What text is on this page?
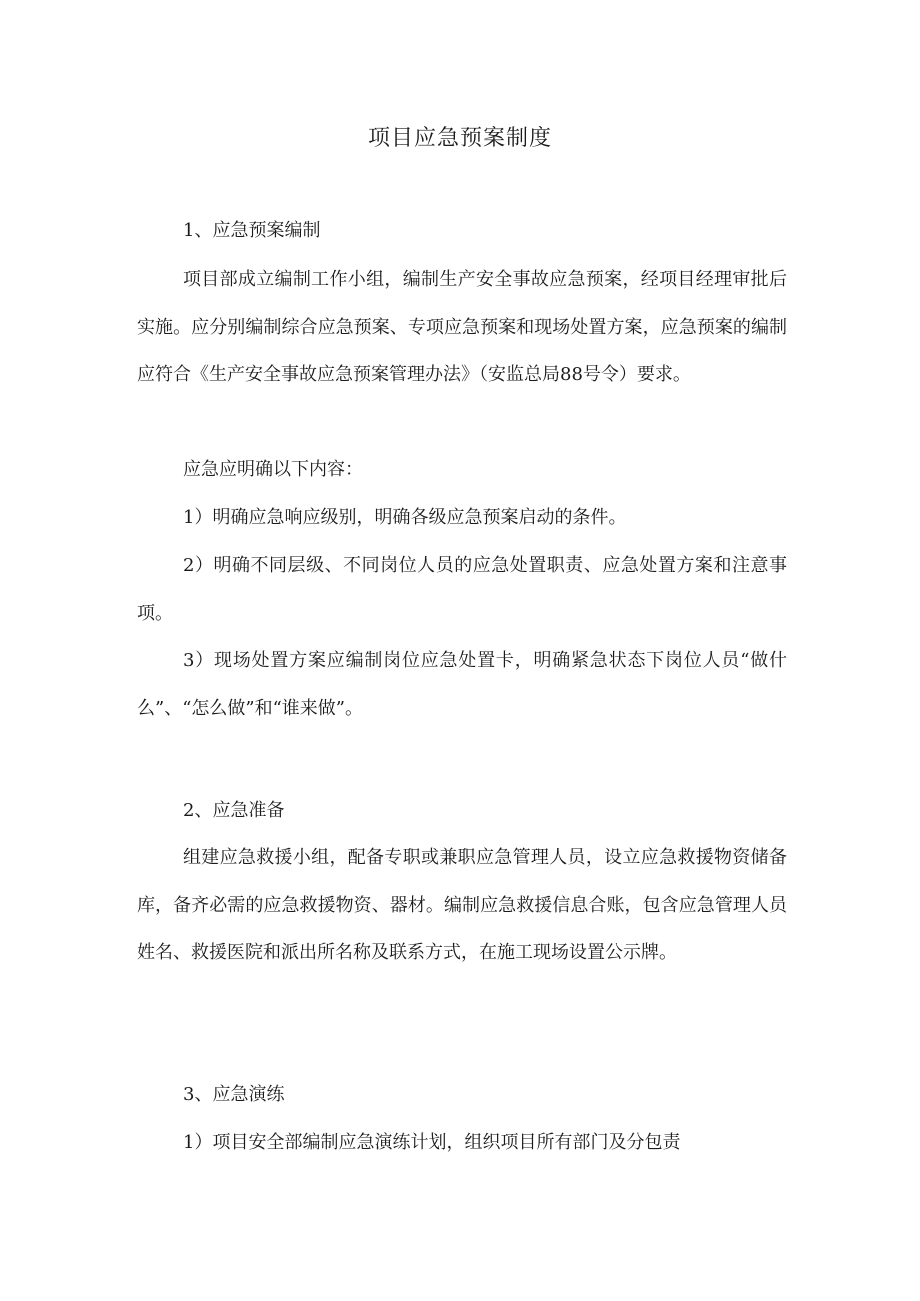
项目应急预案制度
1、应急预案编制
项目部成立编制工作小组，编制生产安全事故应急预案，经项目经理审批后实施。应分别编制综合应急预案、专项应急预案和现场处置方案，应急预案的编制应符合《生产安全事故应急预案管理办法》（安监总局88号令）要求。
应急应明确以下内容：
1）明确应急响应级别，明确各级应急预案启动的条件。
2）明确不同层级、不同岗位人员的应急处置职责、应急处置方案和注意事项。
3）现场处置方案应编制岗位应急处置卡，明确紧急状态下岗位人员“做什么”、“怎么做”和“谁来做”。
2、应急准备
组建应急救援小组，配备专职或兼职应急管理人员，设立应急救援物资储备库，备齐必需的应急救援物资、器材。编制应急救援信息合账，包含应急管理人员姓名、救援医院和派出所名称及联系方式，在施工现场设置公示牌。
3、应急演练
1）项目安全部编制应急演练计划，组织项目所有部门及分包责
